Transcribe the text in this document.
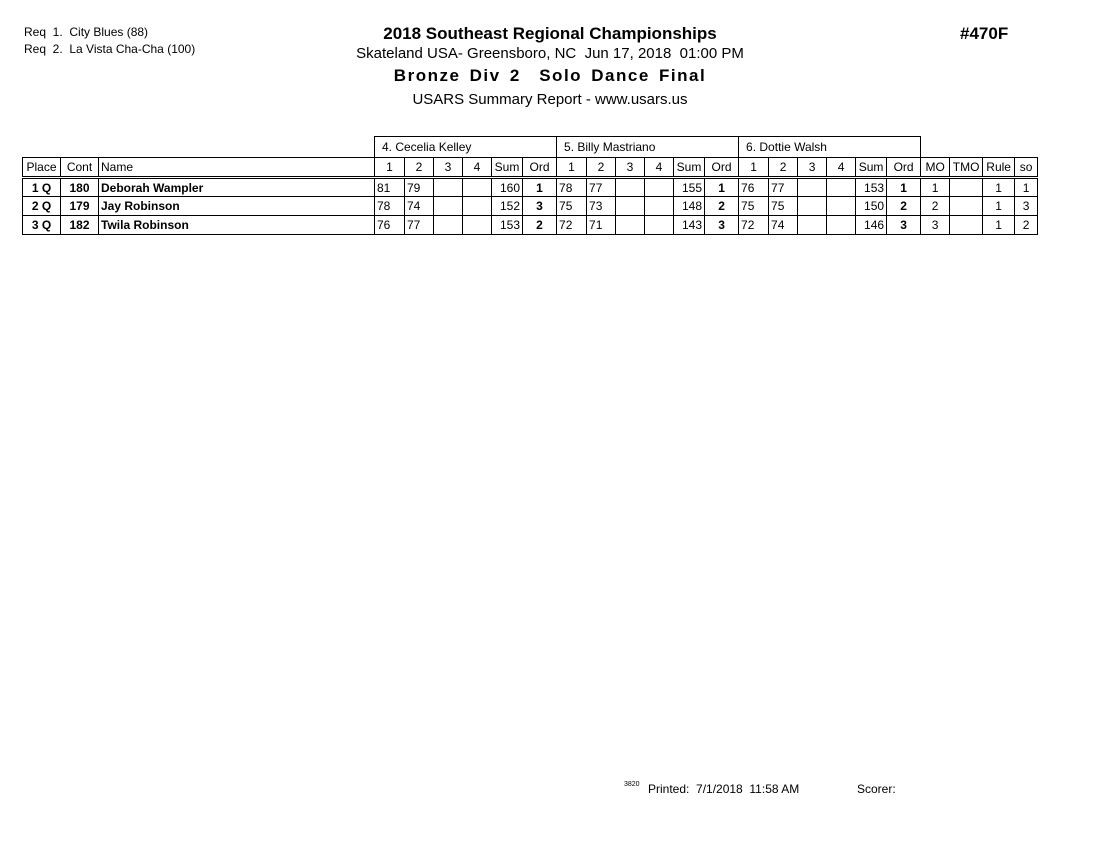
Req  1.  City Blues (88)
Req  2.  La Vista Cha-Cha (100)
2018 Southeast Regional Championships
Skateland USA- Greensboro, NC  Jun 17, 2018  01:00 PM
Bronze Div 2  Solo Dance Final
USARS Summary Report - www.usars.us
#470F
			4. Cecelia Kelley						5. Billy Mastriano						6. Dottie Walsh									
Place	Cont	Name	1	2	3	4	Sum	Ord	1	2	3	4	Sum	Ord	1	2	3	4	Sum	Ord	MO	TMO	Rule	so
1 Q	180	Deborah Wampler	81	79			160	1	78	77			155	1	76	77			153	1	1		1	1
2 Q	179	Jay Robinson	78	74			152	3	75	73			148	2	75	75			150	2	2		1	3
3 Q	182	Twila Robinson	76	77			153	2	72	71			143	3	72	74			146	3	3		1	2
3820 Printed:  7/1/2018  11:58 AM	Scorer:
